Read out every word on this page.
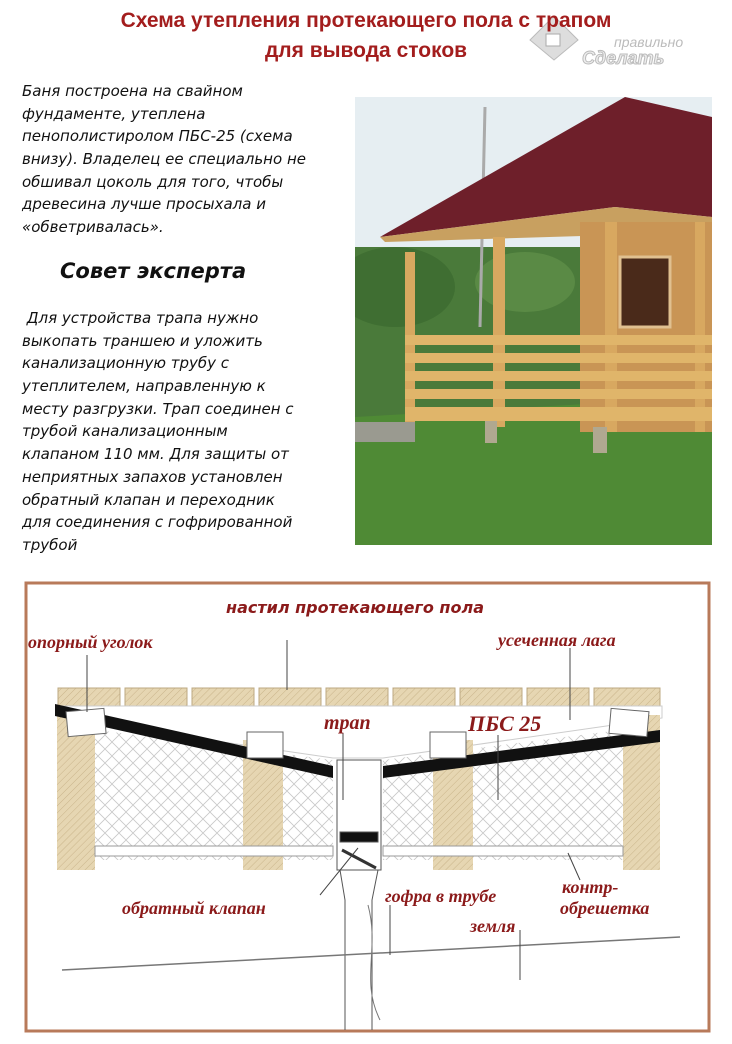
правильно
Сделать
Схема утепления протекающего пола с трапом
для вывода стоков
Баня построена на свайном
фундаменте, утеплена
пенополистиролом ПБС-25 (схема
внизу). Владелец ее специально не
обшивал цоколь для того, чтобы
древесина лучше просыхала и
«обветривалась».
Совет эксперта
Для устройства трапа нужно
выкопать траншею и уложить
канализационную трубу с
утеплителем, направленную к
месту разгрузки. Трап соединен с
трубой канализационным
клапаном 110 мм. Для защиты от
неприятных запахов установлен
обратный клапан и переходник
для соединения с гофрированной
трубой
настил протекающего пола
опорный уголок	усеченная лага
трап	ПБС 25
обратный клапан
гофра в трубе	контр-
обрешетка
земля
